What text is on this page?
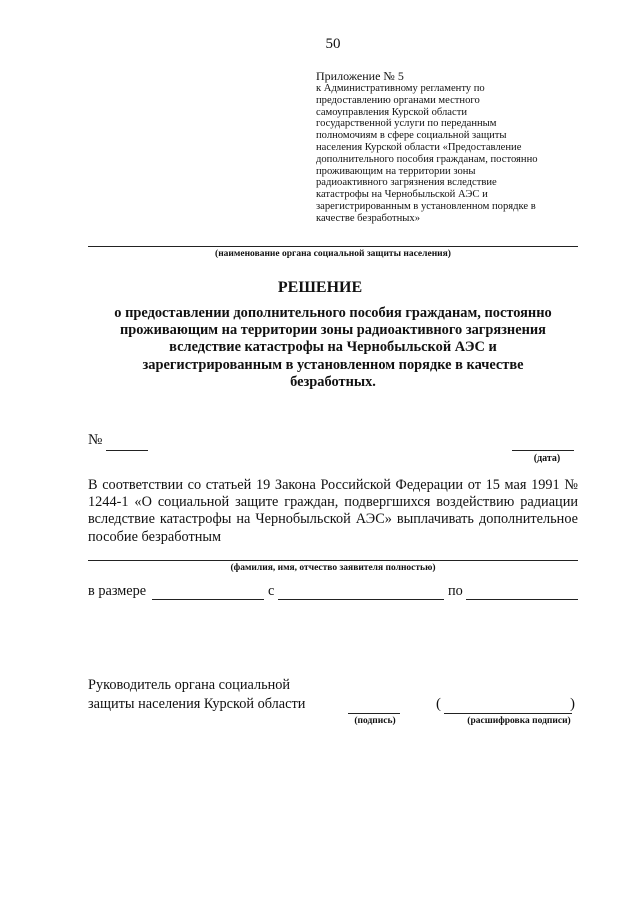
50
Приложение № 5
к Административному регламенту по
предоставлению органами местного
самоуправления Курской области
государственной услуги по переданным
полномочиям в сфере социальной защиты
населения Курской области «Предоставление
дополнительного пособия гражданам, постоянно
проживающим на территории зоны
радиоактивного загрязнения вследствие
катастрофы на Чернобыльской АЭС и
зарегистрированным в установленном порядке в
качестве безработных»
(наименование органа социальной защиты населения)
РЕШЕНИЕ
о предоставлении дополнительного пособия гражданам, постоянно
проживающим на территории зоны радиоактивного загрязнения
вследствие катастрофы на Чернобыльской АЭС и
зарегистрированным в установленном порядке в качестве
безработных.
№
(дата)
В соответствии со статьей 19 Закона Российской Федерации от 15 мая 1991 № 1244-1 «О социальной защите граждан, подвергшихся воздействию радиации вследствие катастрофы на Чернобыльской АЭС» выплачивать дополнительное пособие безработным
(фамилия, имя, отчество заявителя полностью)
в размере	с	по
Руководитель органа социальной
защиты населения Курской области
(подпись)
(	)
(расшифровка подписи)
